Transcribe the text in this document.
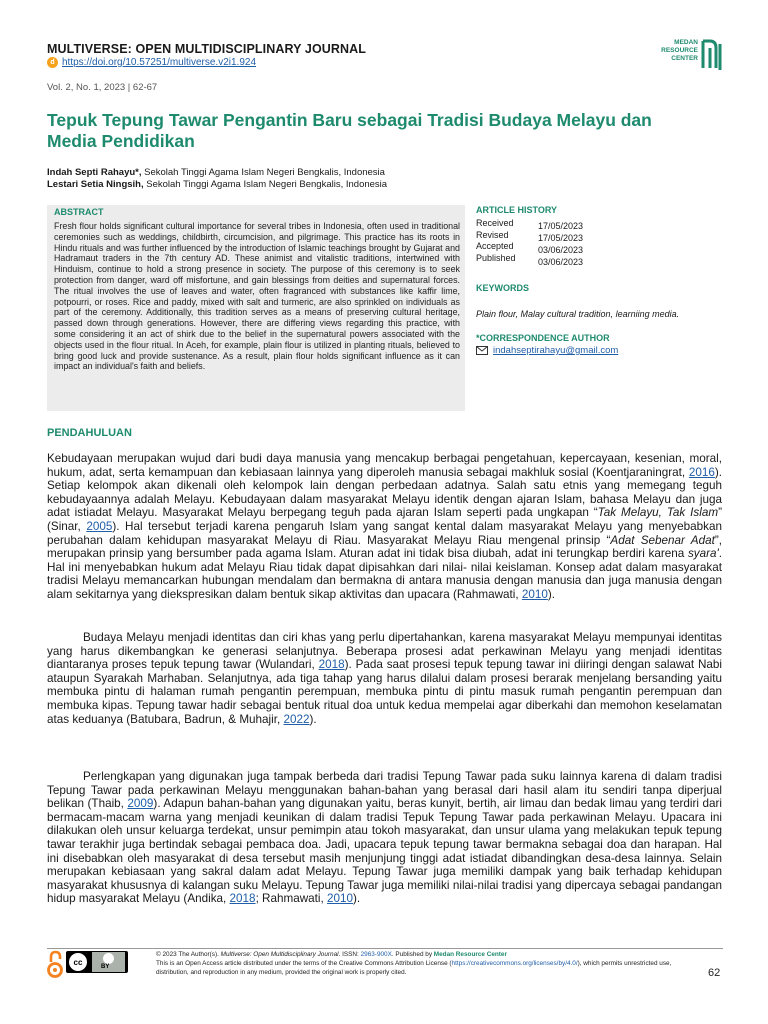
MULTIVERSE: OPEN MULTIDISCIPLINARY JOURNAL
d https://doi.org/10.57251/multiverse.v2i1.924
MEDAN
RESOURCE
CENTER
Vol. 2, No. 1, 2023 | 62-67
Tepuk Tepung Tawar Pengantin Baru sebagai Tradisi Budaya Melayu dan Media Pendidikan
Indah Septi Rahayu*, Sekolah Tinggi Agama Islam Negeri Bengkalis, Indonesia
Lestari Setia Ningsih, Sekolah Tinggi Agama Islam Negeri Bengkalis, Indonesia
ABSTRACT
Fresh flour holds significant cultural importance for several tribes in Indonesia, often used in traditional ceremonies such as weddings, childbirth, circumcision, and pilgrimage. This practice has its roots in Hindu rituals and was further influenced by the introduction of Islamic teachings brought by Gujarat and Hadramaut traders in the 7th century AD. These animist and vitalistic traditions, intertwined with Hinduism, continue to hold a strong presence in society. The purpose of this ceremony is to seek protection from danger, ward off misfortune, and gain blessings from deities and supernatural forces. The ritual involves the use of leaves and water, often fragranced with substances like kaffir lime, potpourri, or roses. Rice and paddy, mixed with salt and turmeric, are also sprinkled on individuals as part of the ceremony. Additionally, this tradition serves as a means of preserving cultural heritage, passed down through generations. However, there are differing views regarding this practice, with some considering it an act of shirk due to the belief in the supernatural powers associated with the objects used in the flour ritual. In Aceh, for example, plain flour is utilized in planting rituals, believed to bring good luck and provide sustenance. As a result, plain flour holds significant influence as it can impact an individual's faith and beliefs.
ARTICLE HISTORY
Received	17/05/2023
Revised	17/05/2023
Accepted	03/06/2023
Published	03/06/2023
KEYWORDS
Plain flour, Malay cultural tradition, learniing media.
*CORRESPONDENCE AUTHOR
indahseptirahayu@gmail.com
PENDAHULUAN
Kebudayaan merupakan wujud dari budi daya manusia yang mencakup berbagai pengetahuan, kepercayaan, kesenian, moral, hukum, adat, serta kemampuan dan kebiasaan lainnya yang diperoleh manusia sebagai makhluk sosial (Koentjaraningrat, 2016). Setiap kelompok akan dikenali oleh kelompok lain dengan perbedaan adatnya. Salah satu etnis yang memegang teguh kebudayaannya adalah Melayu. Kebudayaan dalam masyarakat Melayu identik dengan ajaran Islam, bahasa Melayu dan juga adat istiadat Melayu. Masyarakat Melayu berpegang teguh pada ajaran Islam seperti pada ungkapan “Tak Melayu, Tak Islam” (Sinar, 2005). Hal tersebut terjadi karena pengaruh Islam yang sangat kental dalam masyarakat Melayu yang menyebabkan perubahan dalam kehidupan masyarakat Melayu di Riau. Masyarakat Melayu Riau mengenal prinsip “Adat Sebenar Adat”, merupakan prinsip yang bersumber pada agama Islam. Aturan adat ini tidak bisa diubah, adat ini terungkap berdiri karena syara'. Hal ini menyebabkan hukum adat Melayu Riau tidak dapat dipisahkan dari nilai- nilai keislaman. Konsep adat dalam masyarakat tradisi Melayu memancarkan hubungan mendalam dan bermakna di antara manusia dengan manusia dan juga manusia dengan alam sekitarnya yang diekspresikan dalam bentuk sikap aktivitas dan upacara (Rahmawati, 2010).
Budaya Melayu menjadi identitas dan ciri khas yang perlu dipertahankan, karena masyarakat Melayu mempunyai identitas yang harus dikembangkan ke generasi selanjutnya. Beberapa prosesi adat perkawinan Melayu yang menjadi identitas diantaranya proses tepuk tepung tawar (Wulandari, 2018). Pada saat prosesi tepuk tepung tawar ini diiringi dengan salawat Nabi ataupun Syarakah Marhaban. Selanjutnya, ada tiga tahap yang harus dilalui dalam prosesi berarak menjelang bersanding yaitu membuka pintu di halaman rumah pengantin perempuan, membuka pintu di pintu masuk rumah pengantin perempuan dan membuka kipas. Tepung tawar hadir sebagai bentuk ritual doa untuk kedua mempelai agar diberkahi dan memohon keselamatan atas keduanya (Batubara, Badrun, & Muhajir, 2022).
Perlengkapan yang digunakan juga tampak berbeda dari tradisi Tepung Tawar pada suku lainnya karena di dalam tradisi Tepung Tawar pada perkawinan Melayu menggunakan bahan-bahan yang berasal dari hasil alam itu sendiri tanpa diperjual belikan (Thaib, 2009). Adapun bahan-bahan yang digunakan yaitu, beras kunyit, bertih, air limau dan bedak limau yang terdiri dari bermacam-macam warna yang menjadi keunikan di dalam tradisi Tepuk Tepung Tawar pada perkawinan Melayu. Upacara ini dilakukan oleh unsur keluarga terdekat, unsur pemimpin atau tokoh masyarakat, dan unsur ulama yang melakukan tepuk tepung tawar terakhir juga bertindak sebagai pembaca doa. Jadi, upacara tepuk tepung tawar bermakna sebagai doa dan harapan. Hal ini disebabkan oleh masyarakat di desa tersebut masih menjunjung tinggi adat istiadat dibandingkan desa-desa lainnya. Selain merupakan kebiasaan yang sakral dalam adat Melayu. Tepung Tawar juga memiliki dampak yang baik terhadap kehidupan masyarakat khususnya di kalangan suku Melayu. Tepung Tawar juga memiliki nilai-nilai tradisi yang dipercaya sebagai pandangan hidup masyarakat Melayu (Andika, 2018; Rahmawati, 2010).
cc
BY
© 2023 The Author(s). Multiverse: Open Multidisciplinary Journal. ISSN: 2963-900X. Published by Medan Resource Center
This is an Open Access article distributed under the terms of the Creative Commons Attribution License (https://creativecommons.org/licenses/by/4.0/), which permits unrestricted use, distribution, and reproduction in any medium, provided the original work is properly cited.	62
